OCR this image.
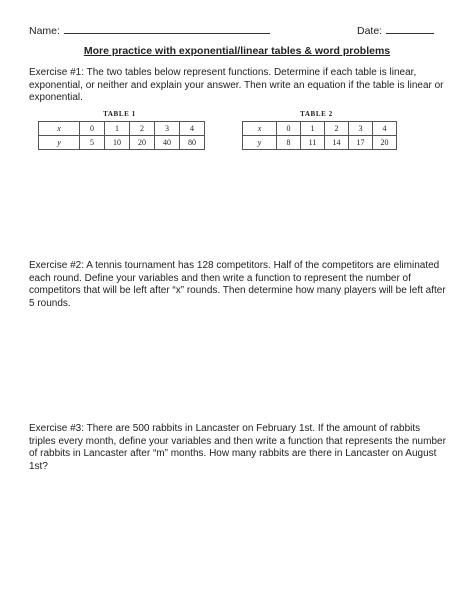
Name:	Date:
More practice with exponential/linear tables & word problems

Exercise #1: The two tables below represent functions. Determine if each table is linear, exponential, or neither and explain your answer. Then write an equation if the table is linear or exponential.

TABLE 1
x	0	1	2	3	4
y	5	10	20	40	80
TABLE 2
x	0	1	2	3	4
y	8	11	14	17	20

Exercise #2: A tennis tournament has 128 competitors. Half of the competitors are eliminated each round. Define your variables and then write a function to represent the number of competitors that will be left after “x” rounds. Then determine how many players will be left after 5 rounds.

Exercise #3: There are 500 rabbits in Lancaster on February 1st. If the amount of rabbits triples every month, define your variables and then write a function that represents the number of rabbits in Lancaster after “m” months. How many rabbits are there in Lancaster on August 1st?
